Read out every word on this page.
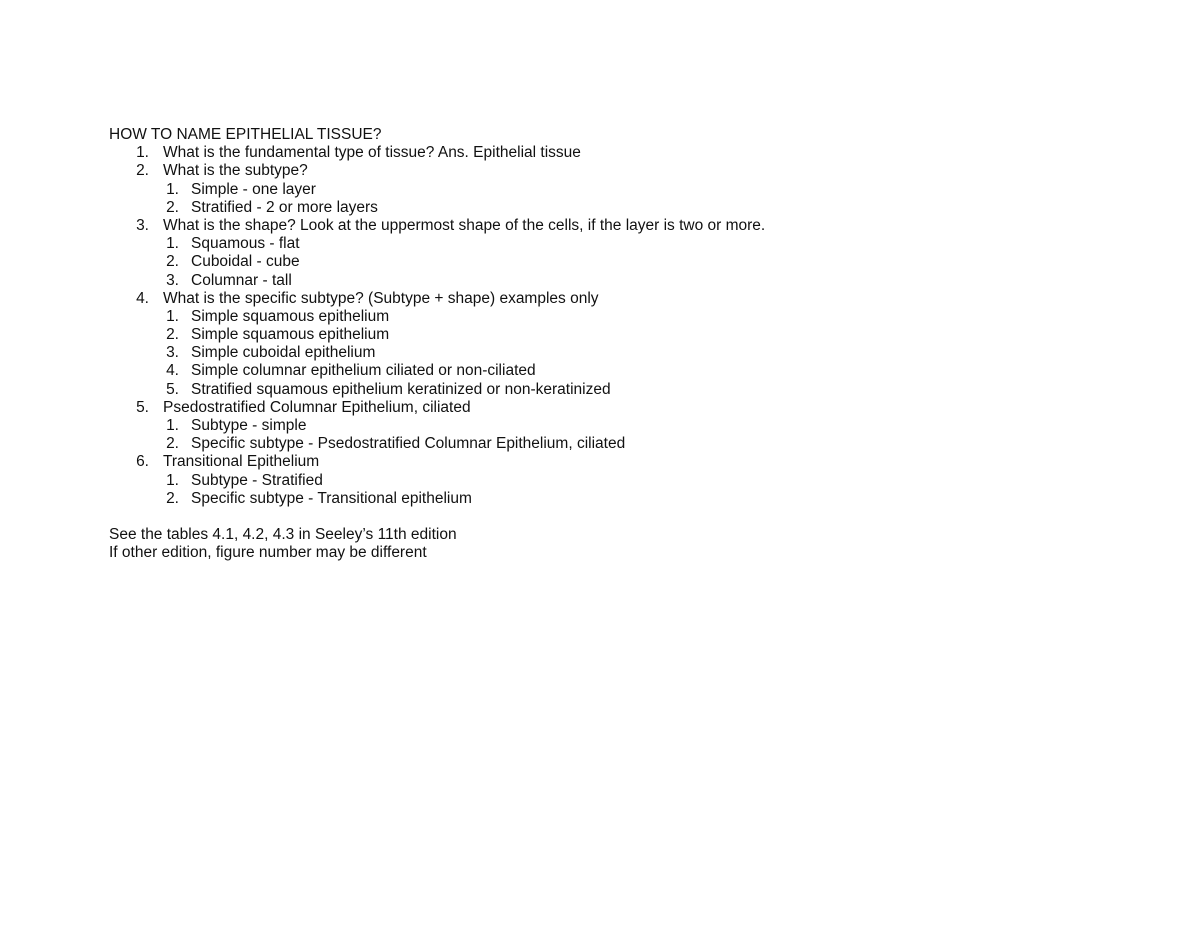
HOW TO NAME EPITHELIAL TISSUE?
1. What is the fundamental type of tissue? Ans. Epithelial tissue
2. What is the subtype?
1. Simple - one layer
2. Stratified - 2 or more layers
3. What is the shape? Look at the uppermost shape of the cells, if the layer is two or more.
1. Squamous - flat
2. Cuboidal - cube
3. Columnar - tall
4. What is the specific subtype? (Subtype + shape) examples only
1. Simple squamous epithelium
2. Simple squamous epithelium
3. Simple cuboidal epithelium
4. Simple columnar epithelium ciliated or non-ciliated
5. Stratified squamous epithelium keratinized or non-keratinized
5. Psedostratified Columnar Epithelium, ciliated
1. Subtype - simple
2. Specific subtype - Psedostratified Columnar Epithelium, ciliated
6. Transitional Epithelium
1. Subtype - Stratified
2. Specific subtype - Transitional epithelium
See the tables 4.1, 4.2, 4.3 in Seeley’s 11th edition
If other edition, figure number may be different
